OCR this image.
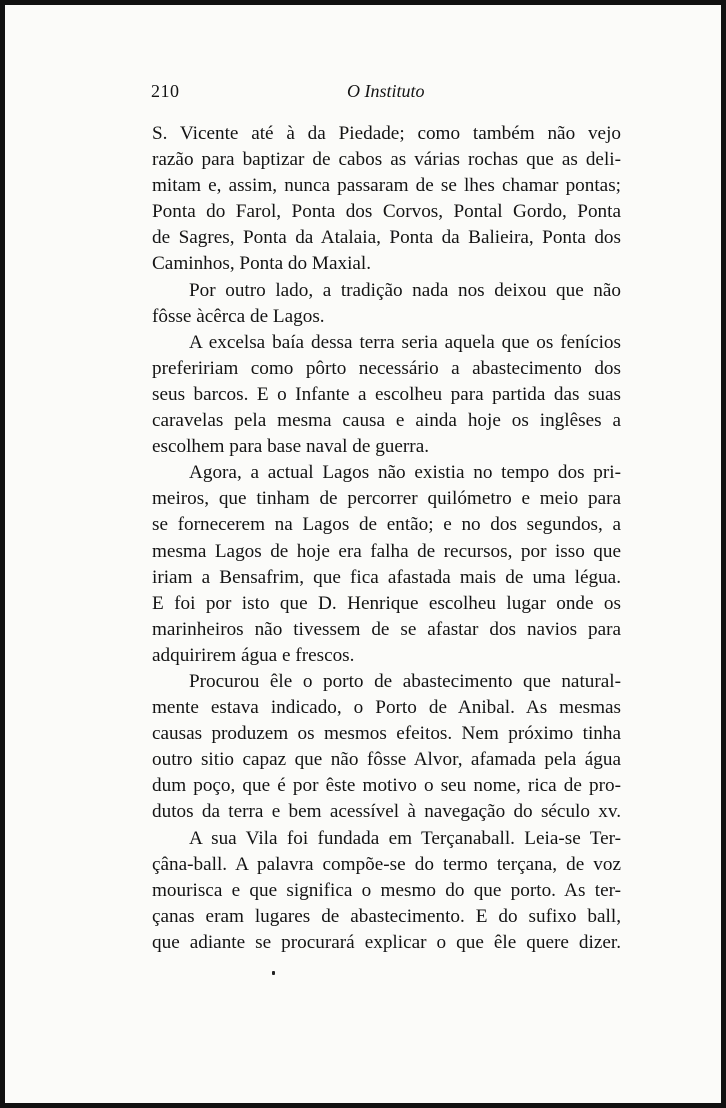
210	O Instituto
S. Vicente até à da Piedade; como também não vejo
razão para baptizar de cabos as várias rochas que as deli-
mitam e, assim, nunca passaram de se lhes chamar pontas;
Ponta do Farol, Ponta dos Corvos, Pontal Gordo, Ponta
de Sagres, Ponta da Atalaia, Ponta da Balieira, Ponta dos
Caminhos, Ponta do Maxial.
Por outro lado, a tradição nada nos deixou que não
fôsse àcêrca de Lagos.
A excelsa baía dessa terra seria aquela que os fenícios
prefeririam como pôrto necessário a abastecimento dos
seus barcos. E o Infante a escolheu para partida das suas
caravelas pela mesma causa e ainda hoje os inglêses a
escolhem para base naval de guerra.
Agora, a actual Lagos não existia no tempo dos pri-
meiros, que tinham de percorrer quilómetro e meio para
se fornecerem na Lagos de então; e no dos segundos, a
mesma Lagos de hoje era falha de recursos, por isso que
iriam a Bensafrim, que fica afastada mais de uma légua.
E foi por isto que D. Henrique escolheu lugar onde os
marinheiros não tivessem de se afastar dos navios para
adquirirem água e frescos.
Procurou êle o porto de abastecimento que natural-
mente estava indicado, o Porto de Anibal. As mesmas
causas produzem os mesmos efeitos. Nem próximo tinha
outro sitio capaz que não fôsse Alvor, afamada pela água
dum poço, que é por êste motivo o seu nome, rica de pro-
dutos da terra e bem acessível à navegação do século xv.
A sua Vila foi fundada em Terçanaball. Leia-se Ter-
çâna-ball. A palavra compõe-se do termo terçana, de voz
mourisca e que significa o mesmo do que porto. As ter-
çanas eram lugares de abastecimento. E do sufixo ball,
que adiante se procurará explicar o que êle quere dizer.
